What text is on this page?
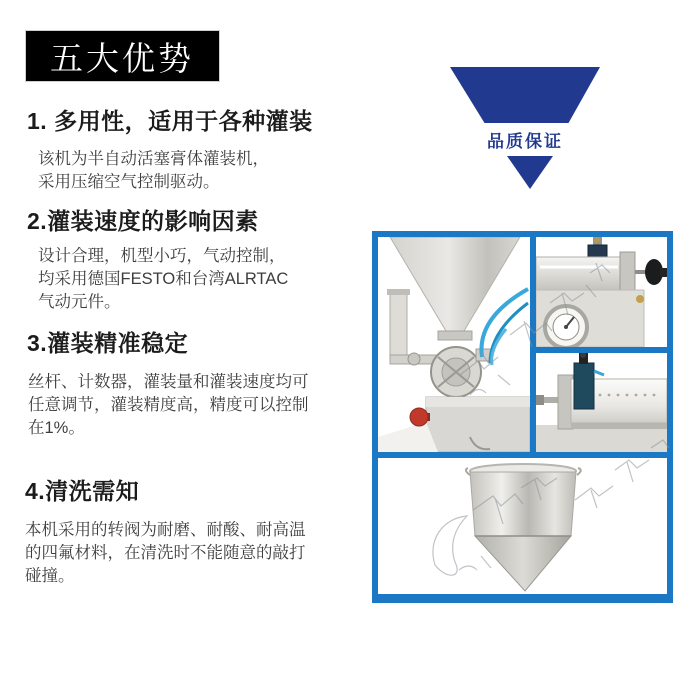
五大优势
品质保证
1. 多用性，适用于各种灌装
该机为半自动活塞膏体灌装机，
采用压缩空气控制驱动。
2.灌装速度的影响因素
设计合理，机型小巧，气动控制，
均采用德国FESTO和台湾ALRTAC
气动元件。
3.灌装精准稳定
丝杆、计数器，灌装量和灌装速度均可
任意调节，灌装精度高，精度可以控制
在1%。
4.清洗需知
本机采用的转阀为耐磨、耐酸、耐高温
的四氟材料，在清洗时不能随意的敲打
碰撞。
